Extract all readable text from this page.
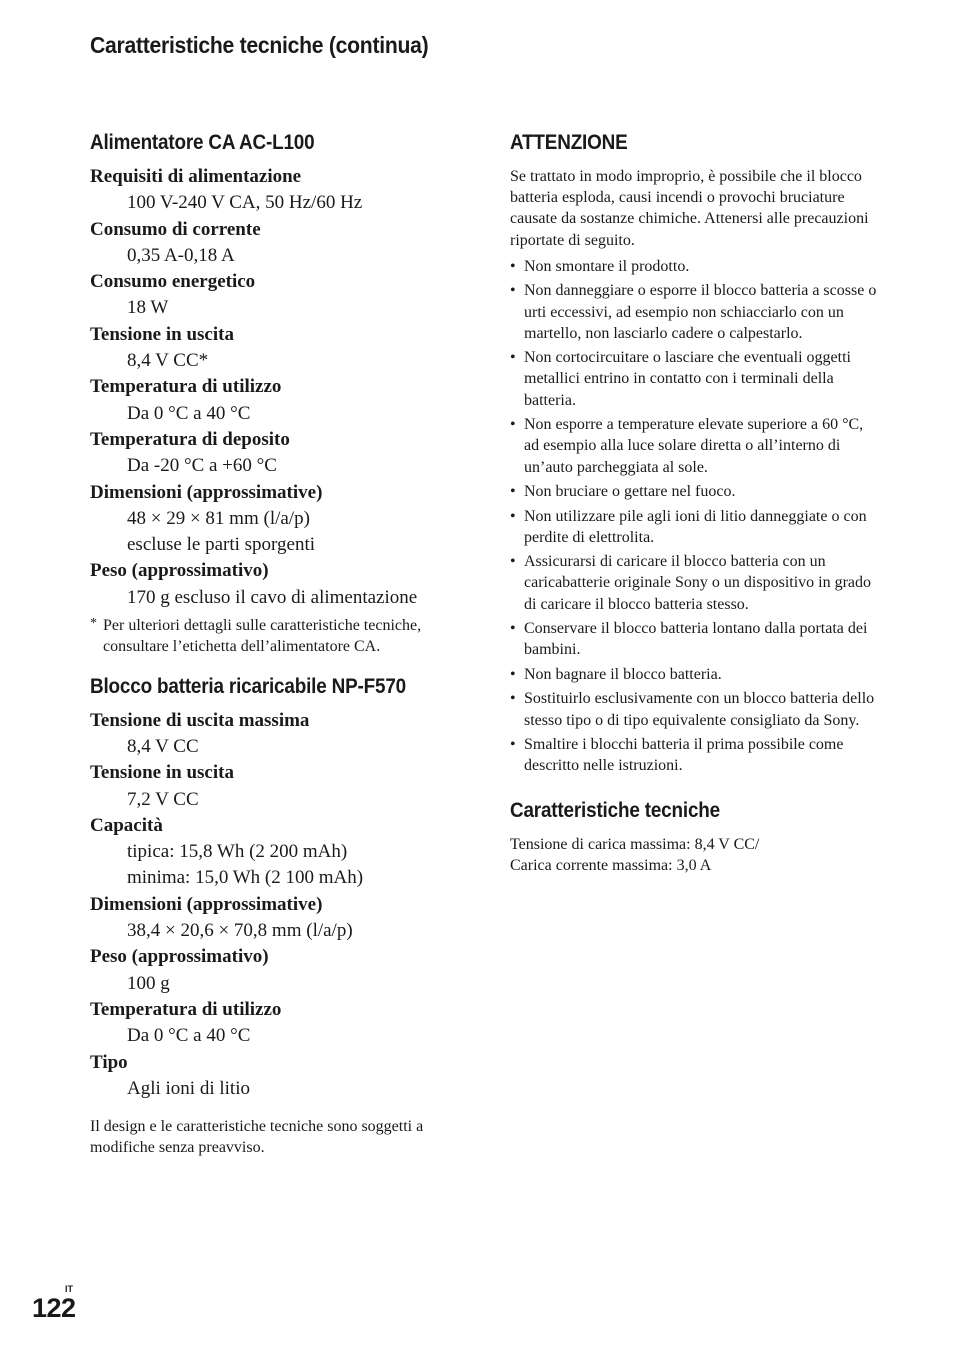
Caratteristiche tecniche (continua)
Alimentatore CA AC-L100
Requisiti di alimentazione
100 V-240 V CA, 50 Hz/60 Hz
Consumo di corrente
0,35 A-0,18 A
Consumo energetico
18 W
Tensione in uscita
8,4 V CC*
Temperatura di utilizzo
Da 0 °C a 40 °C
Temperatura di deposito
Da -20 °C a +60 °C
Dimensioni (approssimative)
48 × 29 × 81 mm (l/a/p)
escluse le parti sporgenti
Peso (approssimativo)
170 g escluso il cavo di alimentazione
* Per ulteriori dettagli sulle caratteristiche tecniche, consultare l’etichetta dell’alimentatore CA.
Blocco batteria ricaricabile NP-F570
Tensione di uscita massima
8,4 V CC
Tensione in uscita
7,2 V CC
Capacità
tipica: 15,8 Wh (2 200 mAh)
minima: 15,0 Wh (2 100 mAh)
Dimensioni (approssimative)
38,4 × 20,6 × 70,8 mm (l/a/p)
Peso (approssimativo)
100 g
Temperatura di utilizzo
Da 0 °C a 40 °C
Tipo
Agli ioni di litio

Il design e le caratteristiche tecniche sono soggetti a modifiche senza preavviso.

ATTENZIONE

Se trattato in modo improprio, è possibile che il blocco batteria esploda, causi incendi o provochi bruciature causate da sostanze chimiche. Attenersi alle precauzioni riportate di seguito.

• Non smontare il prodotto.
• Non danneggiare o esporre il blocco batteria a scosse o urti eccessivi, ad esempio non schiacciarlo con un martello, non lasciarlo cadere o calpestarlo.
• Non cortocircuitare o lasciare che eventuali oggetti metallici entrino in contatto con i terminali della batteria.
• Non esporre a temperature elevate superiore a 60 °C, ad esempio alla luce solare diretta o all’interno di un’auto parcheggiata al sole.
• Non bruciare o gettare nel fuoco.
• Non utilizzare pile agli ioni di litio danneggiate o con perdite di elettrolita.
• Assicurarsi di caricare il blocco batteria con un caricabatterie originale Sony o un dispositivo in grado di caricare il blocco batteria stesso.
• Conservare il blocco batteria lontano dalla portata dei bambini.
• Non bagnare il blocco batteria.
• Sostituirlo esclusivamente con un blocco batteria dello stesso tipo o di tipo equivalente consigliato da Sony.
• Smaltire i blocchi batteria il prima possibile come descritto nelle istruzioni.
Caratteristiche tecniche

Tensione di carica massima: 8,4 V CC/
Carica corrente massima: 3,0 A

IT
122
